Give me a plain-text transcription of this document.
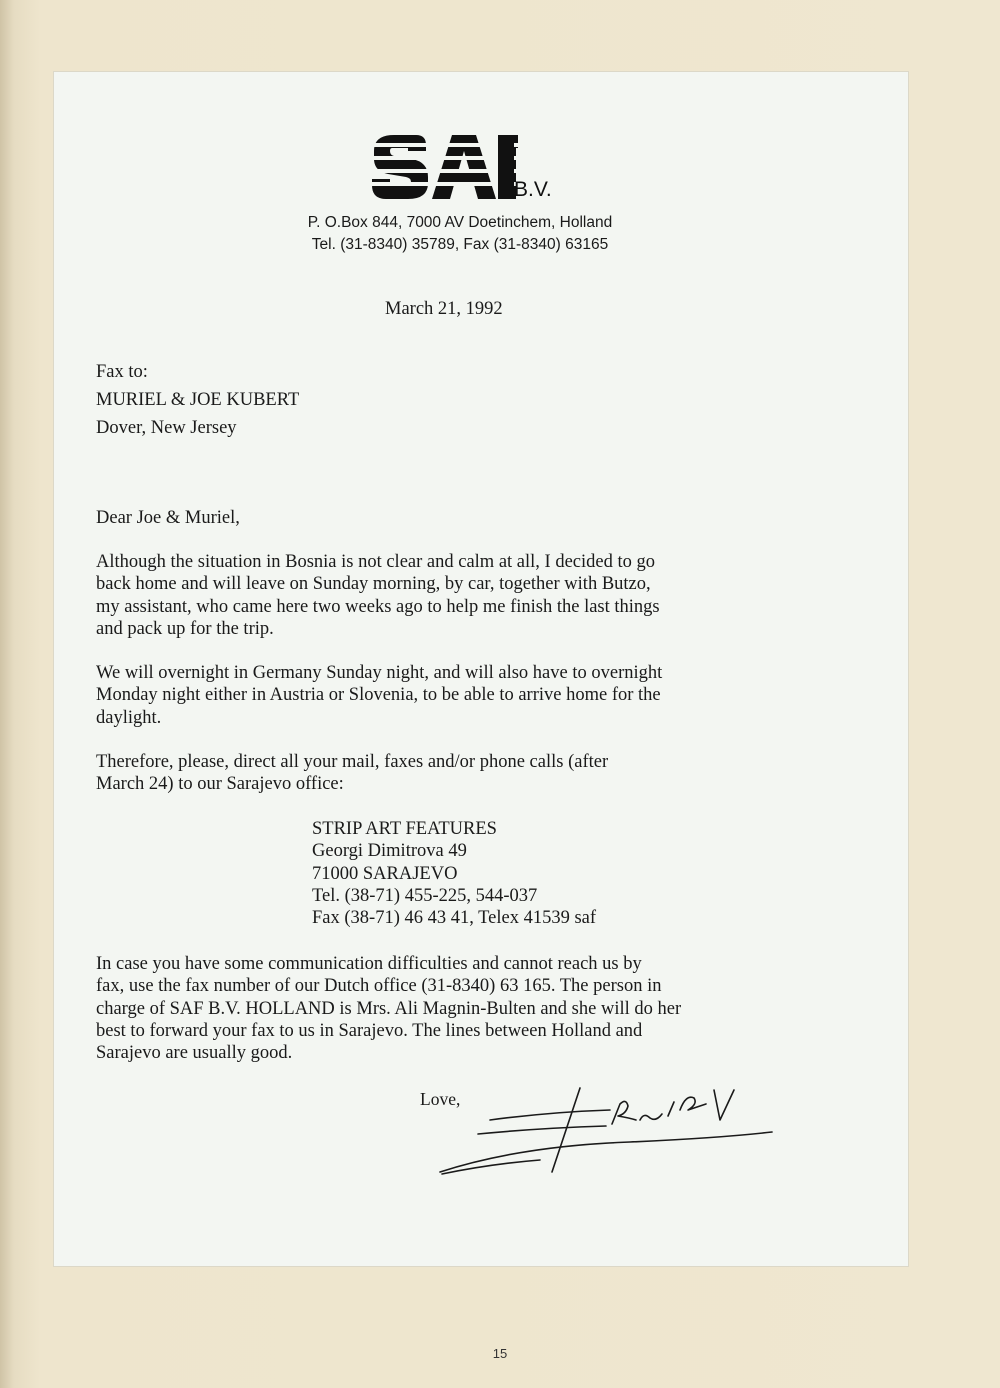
B.V.
P. O.Box 844, 7000 AV Doetinchem, Holland
Tel. (31-8340) 35789, Fax (31-8340) 63165
March 21, 1992
Fax to:
MURIEL & JOE KUBERT
Dover, New Jersey
Dear Joe & Muriel,
Although the situation in Bosnia is not clear and calm at all, I decided to go
back home and will leave on Sunday morning, by car, together with Butzo,
my assistant, who came here two weeks ago to help me finish the last things
and pack up for the trip.
We will overnight in Germany Sunday night, and will also have to overnight
Monday night either in Austria or Slovenia, to be able to arrive home for the
daylight.
Therefore, please, direct all your mail, faxes and/or phone calls (after
March 24) to our Sarajevo office:
STRIP ART FEATURES
Georgi Dimitrova 49
71000 SARAJEVO
Tel. (38-71) 455-225, 544-037
Fax (38-71) 46 43 41, Telex 41539 saf
In case you have some communication difficulties and cannot reach us by
fax, use the fax number of our Dutch office (31-8340) 63 165. The person in
charge of SAF B.V. HOLLAND is Mrs. Ali Magnin-Bulten and she will do her
best to forward your fax to us in Sarajevo. The lines between Holland and
Sarajevo are usually good.
Love,
15
